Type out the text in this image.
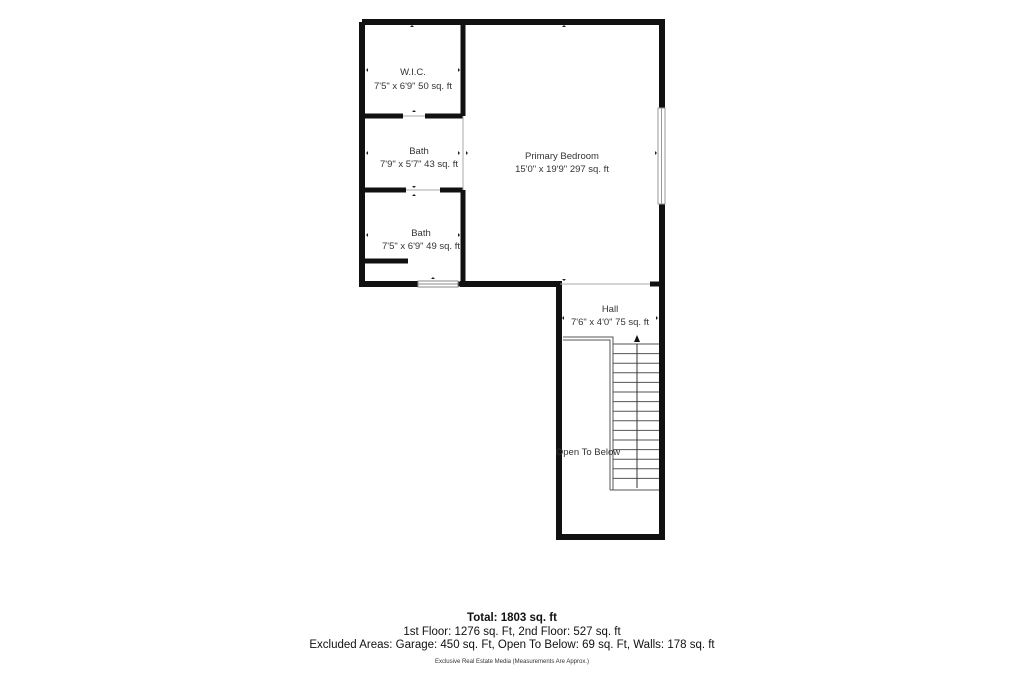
W.I.C.
7'5" x 6'9" 50 sq. ft
Bath
7'9" x 5'7" 43 sq. ft
Bath
7'5" x 6'9" 49 sq. ft
Primary Bedroom
15'0" x 19'9" 297 sq. ft
Hall
7'6" x 4'0" 75 sq. ft
Open To Below
Total: 1803 sq. ft
1st Floor: 1276 sq. Ft, 2nd Floor: 527 sq. ft
Excluded Areas: Garage: 450 sq. Ft, Open To Below: 69 sq. Ft, Walls: 178 sq. ft
Exclusive Real Estate Media (Measurements Are Approx.)
